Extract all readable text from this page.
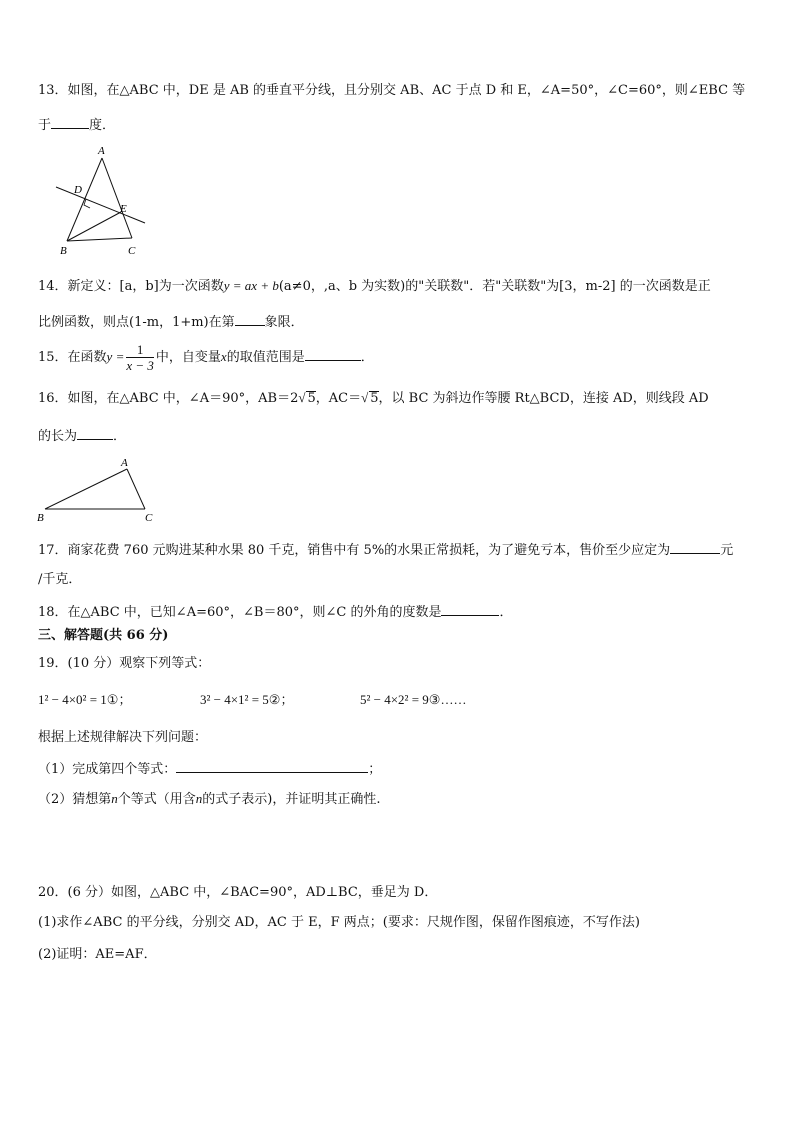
13．如图，在△ABC 中，DE 是 AB 的垂直平分线，且分别交 AB、AC 于点 D 和 E，∠A=50°，∠C=60°，则∠EBC 等
于	度．
A
D
E
B	C
14．新定义：[a，b]为一次函数y = ax + b(a≠0，,a、b 为实数)的"关联数"．若"关联数"为[3，m-2] 的一次函数是正
比例函数，则点(1-m，1+m)在第 象限．
15．在函数$y = \frac{1}{x - 3}$ 中，自变量x的取值范围是	．
16．如图，在△ABC 中，∠A＝90°，AB＝2√ 5，AC＝√ 5，以 BC 为斜边作等腰 Rt△BCD，连接 AD，则线段 AD
的长为	．
A
B	C
17．商家花费 760 元购进某种水果 80 千克，销售中有 5%的水果正常损耗，为了避免亏本，售价至少应定为	元
/千克．
18．在△ABC 中，已知∠A=60°，∠B＝80°，则∠C 的外角的度数是	．
三、解答题(共 66 分)
19．(10 分）观察下列等式：
1² − 4×0² = 1①；	3² − 4×1² = 5②；	5² − 4×2² = 9③……
根据上述规律解决下列问题：
（1）完成第四个等式：	；
（2）猜想第n个等式（用含n的式子表示)，并证明其正确性.
20．(6 分）如图，△ABC 中，∠BAC=90°，AD⊥BC，垂足为 D．
(1)求作∠ABC 的平分线，分别交 AD，AC 于 E，F 两点；(要求：尺规作图，保留作图痕迹，不写作法)
(2)证明：AE=AF．
